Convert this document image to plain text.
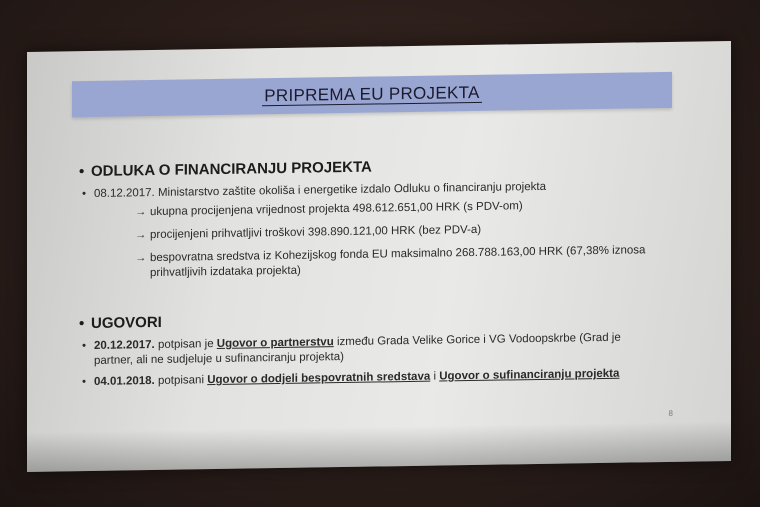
PRIPREMA EU PROJEKTA
• ODLUKA O FINANCIRANJU PROJEKTA
• 08.12.2017. Ministarstvo zaštite okoliša i energetike izdalo Odluku o financiranju projekta
→ ukupna procijenjena vrijednost projekta 498.612.651,00 HRK (s PDV-om)
→ procijenjeni prihvatljivi troškovi 398.890.121,00 HRK (bez PDV-a)
→ bespovratna sredstva iz Kohezijskog fonda EU maksimalno 268.788.163,00 HRK (67,38% iznosa
prihvatljivih izdataka projekta)
• UGOVORI
• 20.12.2017. potpisan je Ugovor o partnerstvu između Grada Velike Gorice i VG Vodoopskrbe (Grad je
partner, ali ne sudjeluje u sufinanciranju projekta)
• 04.01.2018. potpisani Ugovor o dodjeli bespovratnih sredstava i Ugovor o sufinanciranju projekta
8
